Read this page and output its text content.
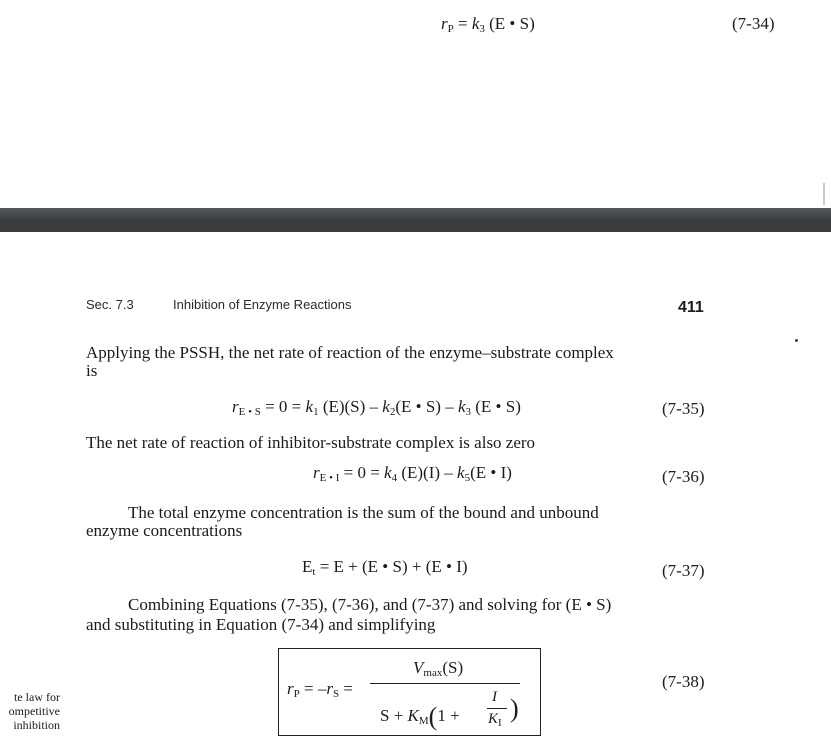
$r_P = k_3$ (E • S)	(7-34)
Sec. 7.3	Inhibition of Enzyme Reactions	411
Applying the PSSH, the net rate of reaction of the enzyme–substrate complex
is
$r_{E • S} = 0 = k_1$ $(E)(S) - k_2(E$ • $S) - k_3$ (E • S)	(7-35)
The net rate of reaction of inhibitor-substrate complex is also zero
$r_{E • I} = 0 = k_4$ $(E)(I) - k_5(E$ • I)	(7-36)
The total enzyme concentration is the sum of the bound and unbound
enzyme concentrations
$E_t = E + (E$ • S) + (E • I)	(7-37)
Combining Equations (7-35), (7-36), and (7-37) and solving for (E • S)
and substituting in Equation (7-34) and simplifying
$r_P = -r_S$ =
$V_{max}(S)$
$S + K_M(1$ +
I
$K_I$ )
(7-38)
te law for
ompetitive
inhibition
